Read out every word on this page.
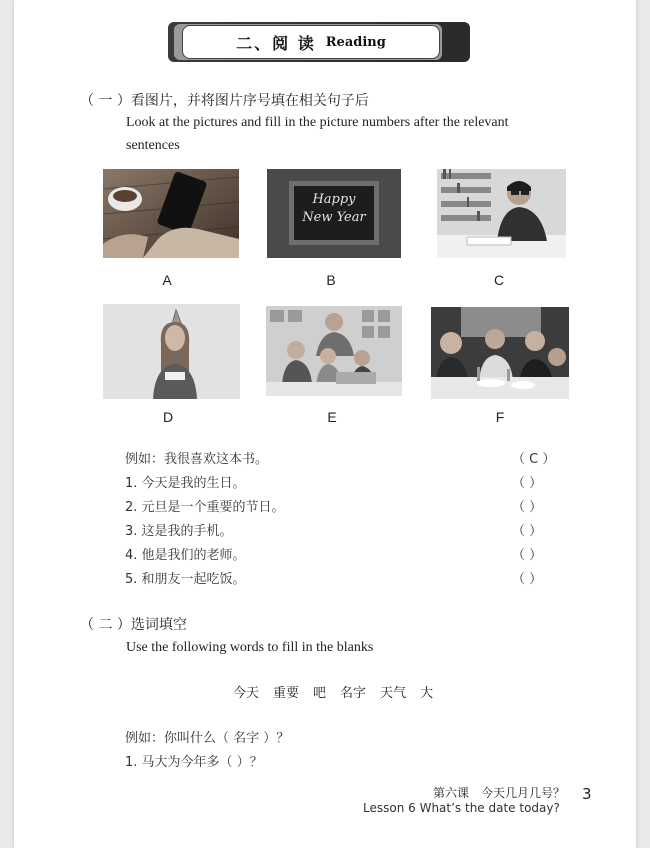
二、阅 读 Reading
（ 一 ）看图片，并将图片序号填在相关句子后
Look at the pictures and fill in the picture numbers after the relevant
sentences
A
Happy
New Year
B	C
D	E	F
例如：我很喜欢这本书。	（ C ）
1. 今天是我的生日。	（ ）
2. 元旦是一个重要的节日。	（ ）
3. 这是我的手机。	（ ）
4. 他是我们的老师。	（ ）
5. 和朋友一起吃饭。	（ ）
（ 二 ）选词填空
Use the following words to fill in the blanks
今天 重要 吧 名字 天气 大
例如：你叫什么（ 名字 ）？
1. 马大为今年多（ ）？
第六课　今天几月几号？
Lesson 6 What’s the date today?
3
